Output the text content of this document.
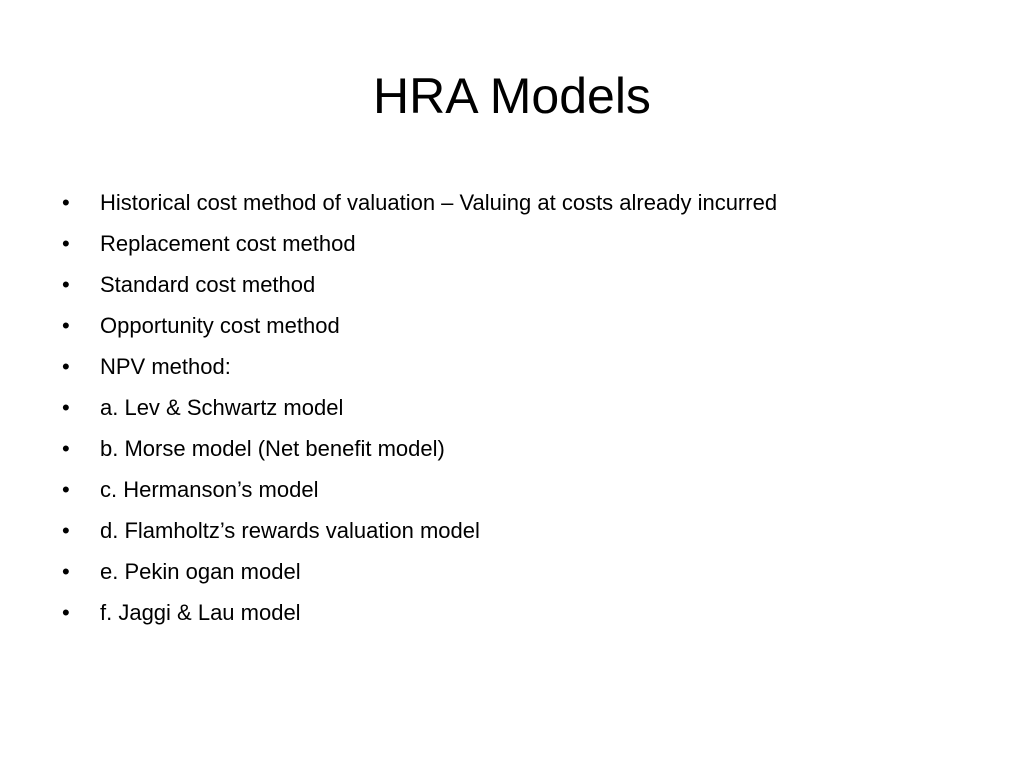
HRA Models
•	Historical cost method of valuation – Valuing at costs already incurred
•	Replacement cost method
•	Standard cost method
•	Opportunity cost method
•	NPV method:
•	a. Lev & Schwartz model
•	b. Morse model (Net benefit model)
•	c. Hermanson’s model
•	d. Flamholtz’s rewards valuation model
•	e. Pekin ogan model
•	f. Jaggi & Lau model
